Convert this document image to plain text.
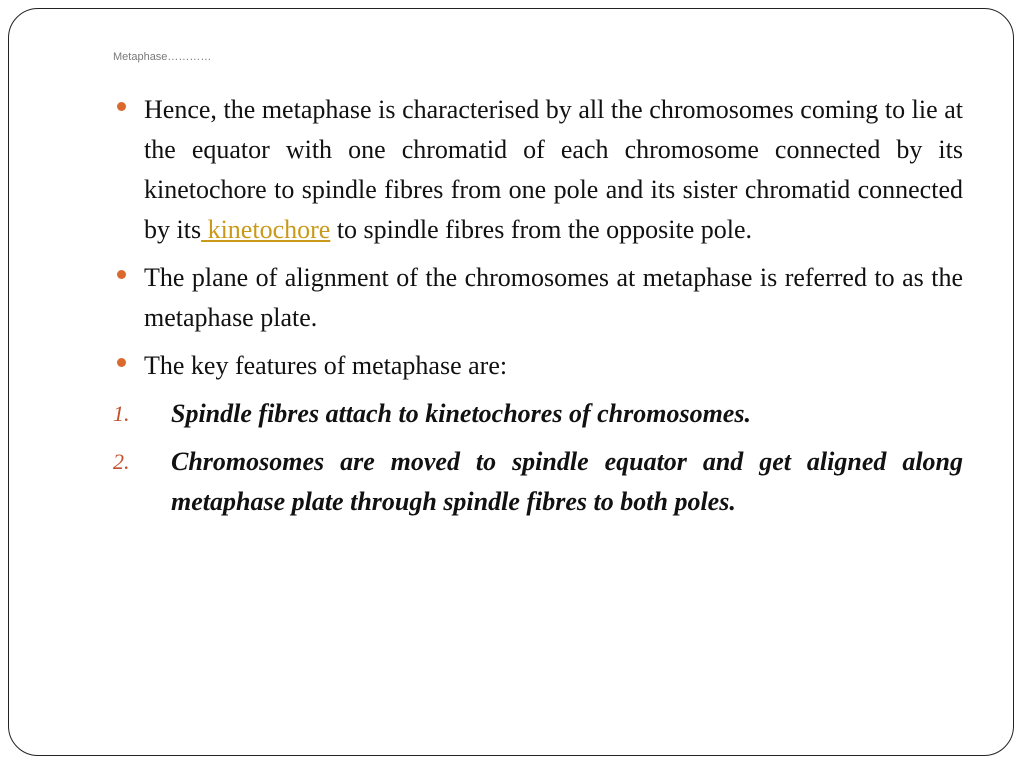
Metaphase…………

Hence, the metaphase is characterised by all the chromosomes coming to lie at the equator with one chromatid of each chromosome connected by its kinetochore to spindle fibres from one pole and its sister chromatid connected by its kinetochore to spindle fibres from the opposite pole.

The plane of alignment of the chromosomes at metaphase is referred to as the metaphase plate.

The key features of metaphase are:

1.	Spindle fibres attach to kinetochores of chromosomes.

2.	Chromosomes are moved to spindle equator and get aligned along metaphase plate through spindle fibres to both poles.
